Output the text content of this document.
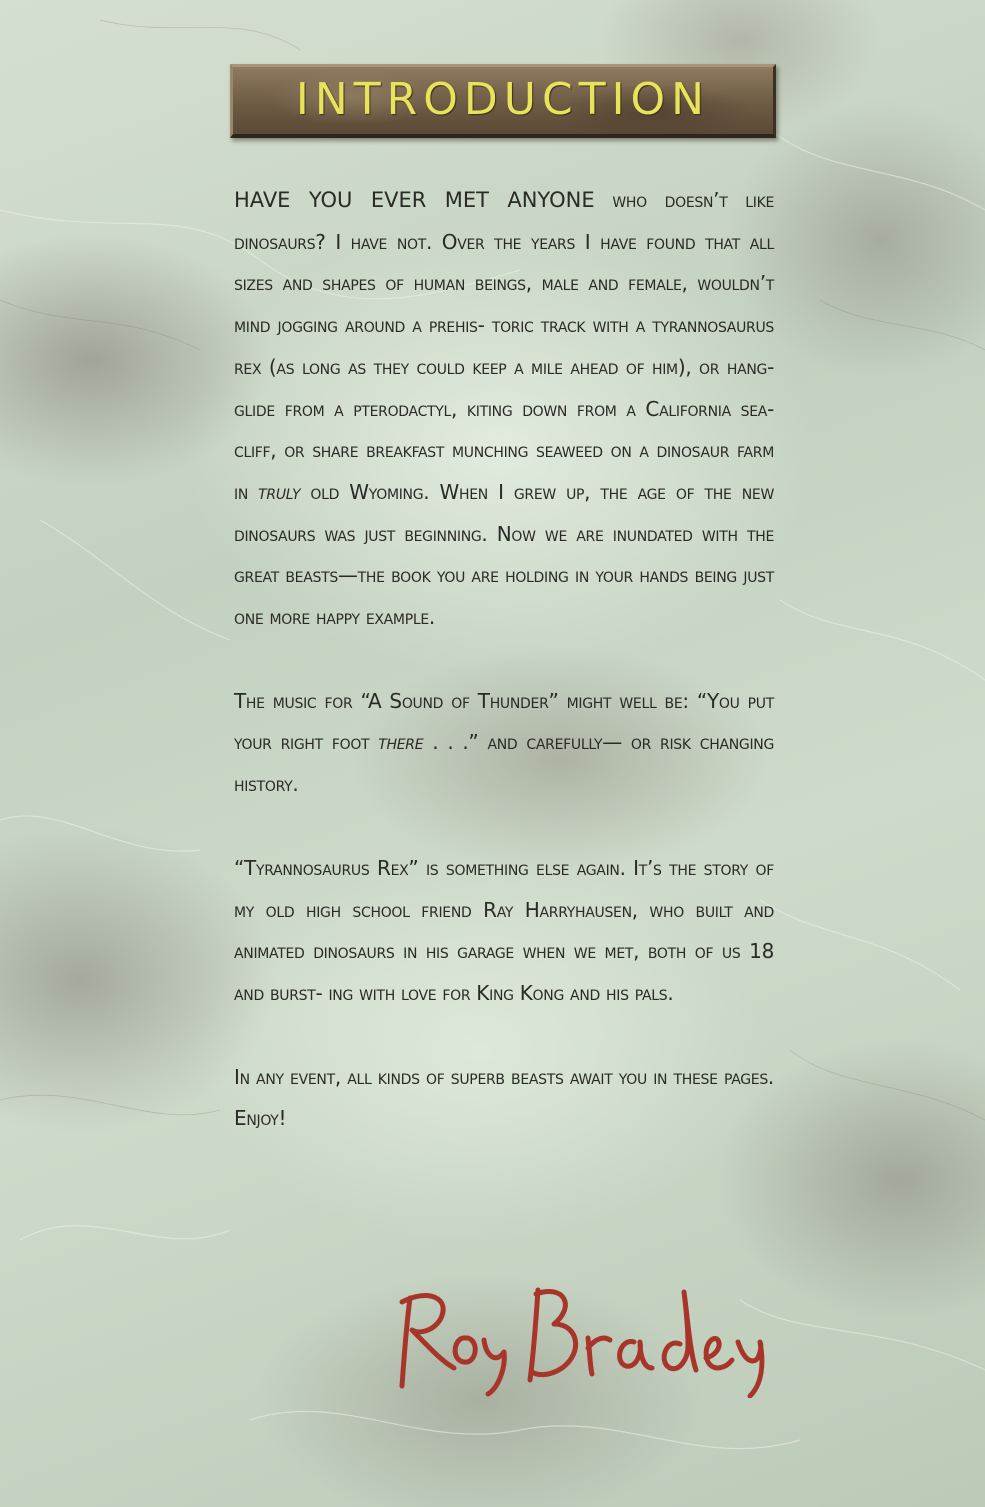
INTRODUCTION

HAVE YOU EVER MET ANYONE who doesn’t like dinosaurs? I have not. Over the years I have found that all sizes and shapes of human beings, male and female, wouldn’t mind jogging around a prehis- toric track with a tyrannosaurus rex (as long as they could keep a mile ahead of him), or hang-glide from a pterodactyl, kiting down from a California sea-cliff, or share breakfast munching seaweed on a dinosaur farm in truly old Wyoming. When I grew up, the age of the new dinosaurs was just beginning. Now we are inundated with the great beasts—the book you are holding in your hands being just one more happy example.

The music for “A Sound of Thunder” might well be: “You put your right foot there . . .” and carefully— or risk changing history.

“Tyrannosaurus Rex” is something else again. It’s the story of my old high school friend Ray Harryhausen, who built and animated dinosaurs in his garage when we met, both of us 18 and burst- ing with love for King Kong and his pals.

In any event, all kinds of superb beasts await you in these pages. Enjoy!
